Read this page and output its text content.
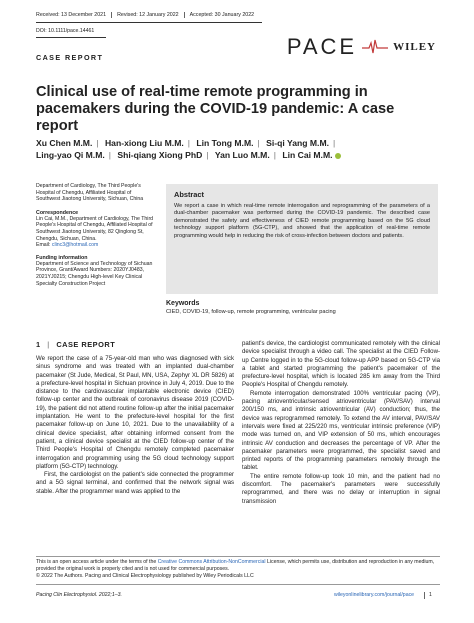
Received: 13 December 2021	Revised: 12 January 2022	Accepted: 30 January 2022
DOI: 10.1111/pace.14461
CASE REPORT	PACE	WILEY
Clinical use of real-time remote programming in pacemakers during the COVID-19 pandemic: A case report
Xu Chen M.M. | Han-xiong Liu M.M. | Lin Tong M.M. | Si-qi Yang M.M. |
Ling-yao Qi M.M. | Shi-qiang Xiong PhD | Yan Luo M.M. | Lin Cai M.M.
Department of Cardiology, The Third People's Hospital of Chengdu, Affiliated Hospital of Southwest Jiaotong University, Sichuan, China
Correspondence
Lin Cai, M.M., Department of Cardiology, The Third People's Hospital of Chengdu, Affiliated Hospital of Southwest Jiaotong University, 82 Qinglong St, Chengdu, Sichuan, China.
Email: clinc3@hotmail.com
Funding information
Department of Science and Technology of Sichuan Province, Grant/Award Numbers: 2020YJ0483, 2021YJ0215; Chengdu High-level Key Clinical Specialty Construction Project
Abstract
We report a case in which real-time remote interrogation and reprogramming of the parameters of a dual-chamber pacemaker was performed during the COVID-19 pandemic. The described case demonstrated the safety and effectiveness of CIED remote programming based on the 5G cloud technology support platform (5G-CTP), and showed that the application of real-time remote programming would help in reducing the risk of cross-infection between doctors and patients.
Keywords
CIED, COVID-19, follow-up, remote programming, ventricular pacing
1 | CASE REPORT

We report the case of a 75-year-old man who was diagnosed with sick sinus syndrome and was treated with an implanted dual-chamber pacemaker (St Jude, Medical, St Paul, MN, USA, Zephyr XL DR 5826) at a prefecture-level hospital in Sichuan province in July 4, 2019. Due to the distance to the cardiovascular implantable electronic device (CIED) follow-up center and the outbreak of coronavirus disease 2019 (COVID-19), the patient did not attend routine follow-up after the initial pacemaker implantation. He went to the prefecture-level hospital for the first pacemaker follow-up on June 10, 2021. Due to the unavailability of a clinical device specialist, after obtaining informed consent from the patient, a clinical device specialist at the CIED follow-up center of the Third People's Hospital of Chengdu remotely completed pacemaker interrogation and programming using the 5G cloud technology support platform (5G-CTP) technology.

First, the cardiologist on the patient's side connected the programmer and a 5G signal terminal, and confirmed that the network signal was stable. After the programmer wand was applied to the

patient's device, the cardiologist communicated remotely with the clinical device specialist through a video call. The specialist at the CIED Follow-up Centre logged in to the 5G-cloud follow-up APP based on 5G-CTP via a tablet and started programming the patient's pacemaker of the prefecture-level hospital, which is located 285 km away from the Third People's Hospital of Chengdu remotely.

Remote interrogation demonstrated 100% ventricular pacing (VP), pacing atrioventricular/sensed atrioventricular (PAV/SAV) interval 200/150 ms, and intrinsic atrioventricular (AV) conduction; thus, the device was reprogrammed remotely. To extend the AV interval, PAV/SAV intervals were fixed at 225/220 ms, ventricular intrinsic preference (VIP) mode was turned on, and VIP extension of 50 ms, which encourages intrinsic AV conduction and decreases the percentage of VP. After the pacemaker parameters were programmed, the specialist saved and printed reports of the programming parameters remotely through the tablet.

The entire remote follow-up took 10 min, and the patient had no discomfort. The pacemaker's parameters were successfully reprogrammed, and there was no delay or interruption in signal transmission

This is an open access article under the terms of the Creative Commons Attribution-NonCommercial License, which permits use, distribution and reproduction in any medium, provided the original work is properly cited and is not used for commercial purposes.
© 2022 The Authors. Pacing and Clinical Electrophysiology published by Wiley Periodicals LLC
Pacing Clin Electrophysiol. 2022;1–3.	wileyonlinelibrary.com/journal/pace	1
